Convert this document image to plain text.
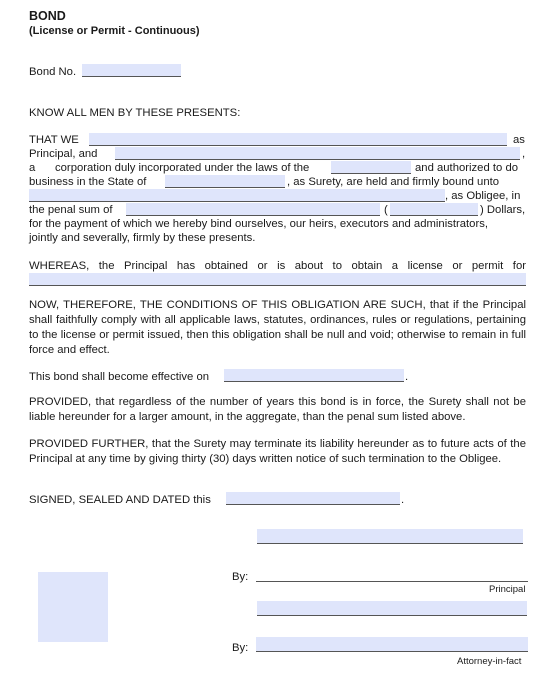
BOND
(License or Permit - Continuous)
Bond No.
KNOW ALL MEN BY THESE PRESENTS:
THAT WE	as
Principal, and	,
a corporation duly incorporated under the laws of the	and authorized to do
business in the State of	, as Surety, are held and firmly bound unto
, as Obligee, in
the penal sum of	(	) Dollars,
for the payment of which we hereby bind ourselves, our heirs, executors and administrators,
jointly and severally, firmly by these presents.
WHEREAS, the Principal has obtained or is about to obtain a license or permit for
NOW, THEREFORE, THE CONDITIONS OF THIS OBLIGATION ARE SUCH, that if the Principal shall faithfully comply with all applicable laws, statutes, ordinances, rules or regulations, pertaining to the license or permit issued, then this obligation shall be null and void; otherwise to remain in full force and effect.
This bond shall become effective on	.
PROVIDED, that regardless of the number of years this bond is in force, the Surety shall not be liable hereunder for a larger amount, in the aggregate, than the penal sum listed above.
PROVIDED FURTHER, that the Surety may terminate its liability hereunder as to future acts of the Principal at any time by giving thirty (30) days written notice of such termination to the Obligee.
SIGNED, SEALED AND DATED this	.
By:
Principal
By:
Attorney-in-fact
